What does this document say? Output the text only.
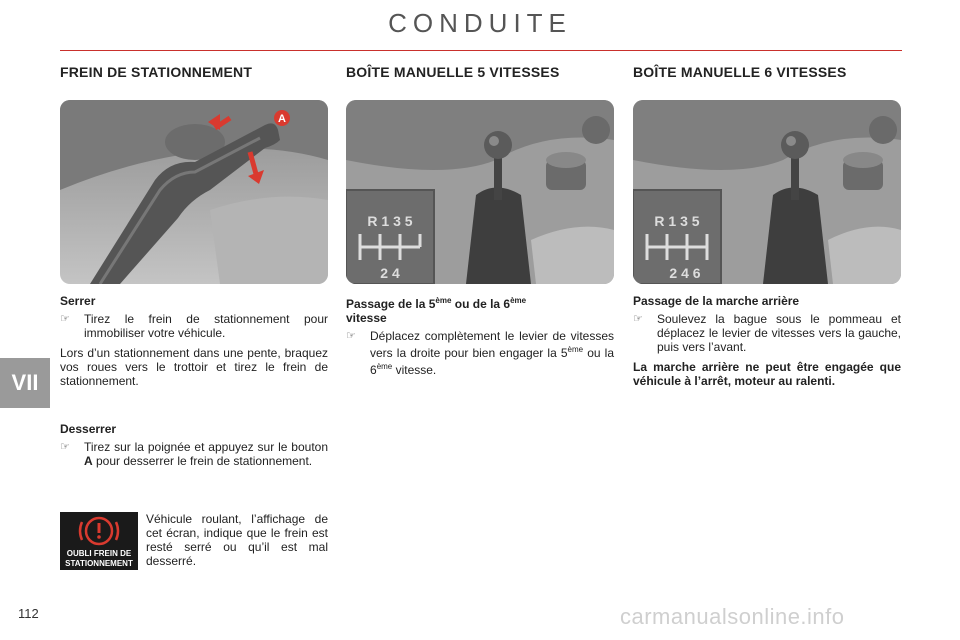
CONDUITE
VII
FREIN DE STATIONNEMENT	BOÎTE MANUELLE 5 VITESSES	BOÎTE MANUELLE 6 VITESSES
A
R 1 3 5
2 4
R 1 3 5
2 4 6
Serrer
☞	Tirez le frein de stationnement pour immobiliser votre véhicule.

Lors d’un stationnement dans une pente, braquez vos roues vers le trottoir et tirez le frein de stationnement.

Desserrer
☞	Tirez sur la poignée et appuyez sur le bouton A pour desserrer le frein de stationnement.
OUBLI FREIN DE
STATIONNEMENT
Véhicule roulant, l’affichage de cet écran, indique que le frein est resté serré ou qu’il est mal desserré.
Passage de la 5ème ou de la 6ème
vitesse
☞	Déplacez complètement le levier de vitesses vers la droite pour bien engager la 5ème ou la 6ème vitesse.
Passage de la marche arrière
☞	Soulevez la bague sous le pommeau et déplacez le levier de vitesses vers la gauche, puis vers l’avant.

La marche arrière ne peut être engagée que véhicule à l’arrêt, moteur au ralenti.

112	carmanualsonline.info
